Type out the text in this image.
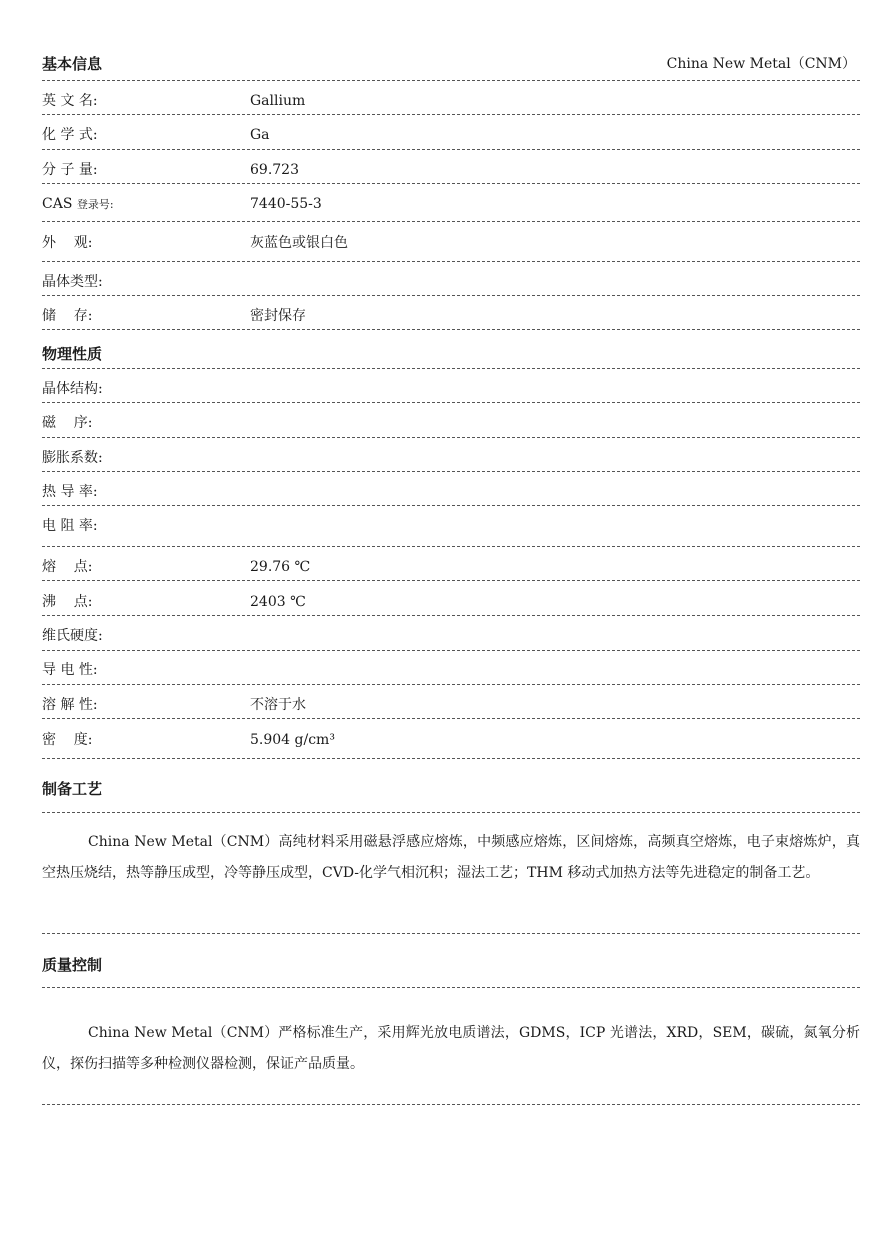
基本信息	China New Metal（CNM）
英 文 名:	Gallium
化 学 式:	Ga
分 子 量:	69.723
CAS 登录号:	7440-55-3
外    观:	灰蓝色或银白色
晶体类型:
储    存:	密封保存
物理性质
晶体结构:
磁    序:
膨胀系数:
热 导 率:
电 阻 率:
熔    点:	29.76 ℃
沸    点:	2403 ℃
维氏硬度:
导 电 性:
溶 解 性:	不溶于水
密    度:	5.904 g/cm³
制备工艺
China New Metal（CNM）高纯材料采用磁悬浮感应熔炼，中频感应熔炼，区间熔炼，高频真空熔炼，电子束熔炼炉，真空热压烧结，热等静压成型，冷等静压成型，CVD-化学气相沉积；湿法工艺；THM 移动式加热方法等先进稳定的制备工艺。
质量控制
China New Metal（CNM）严格标准生产，采用辉光放电质谱法，GDMS，ICP 光谱法，XRD，SEM，碳硫，氮氧分析仪，探伤扫描等多种检测仪器检测，保证产品质量。
